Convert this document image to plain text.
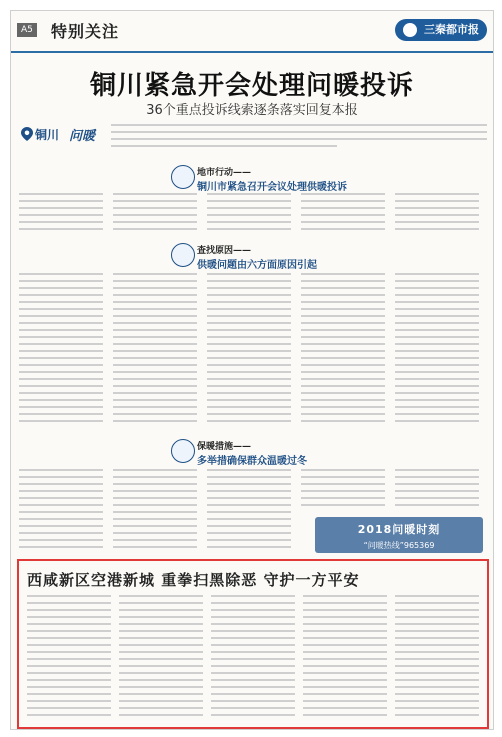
A5 特别关注	三秦都市报
铜川紧急开会处理问暖投诉
36个重点投诉线索逐条落实回复本报
铜川 问暖
地市行动——
铜川市紧急召开会议处理供暖投诉
查找原因——
供暖问题由六方面原因引起
保暖措施——
多举措确保群众温暖过冬
2018问暖时刻
“问暖热线”965369
西咸新区空港新城 重拳扫黑除恶 守护一方平安
